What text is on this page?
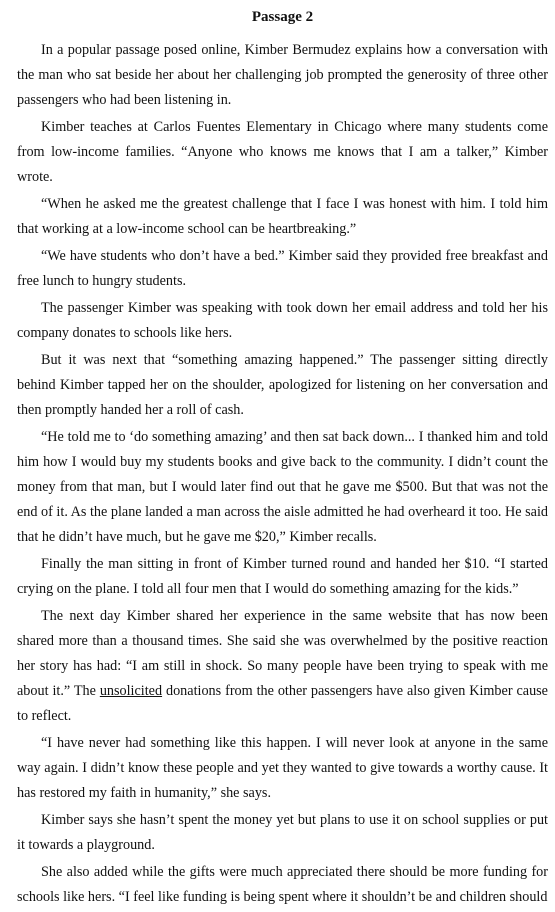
Passage 2

In a popular passage posed online, Kimber Bermudez explains how a conversation with the man who sat beside her about her challenging job prompted the generosity of three other passengers who had been listening in.

Kimber teaches at Carlos Fuentes Elementary in Chicago where many students come from low-income families. “Anyone who knows me knows that I am a talker,” Kimber wrote.

“When he asked me the greatest challenge that I face I was honest with him. I told him that working at a low-income school can be heartbreaking.”

“We have students who don’t have a bed.” Kimber said they provided free breakfast and free lunch to hungry students.

The passenger Kimber was speaking with took down her email address and told her his company donates to schools like hers.

But it was next that “something amazing happened.” The passenger sitting directly behind Kimber tapped her on the shoulder, apologized for listening on her conversation and then promptly handed her a roll of cash.

“He told me to ‘do something amazing’ and then sat back down... I thanked him and told him how I would buy my students books and give back to the community. I didn’t count the money from that man, but I would later find out that he gave me $500. But that was not the end of it. As the plane landed a man across the aisle admitted he had overheard it too. He said that he didn’t have much, but he gave me $20,” Kimber recalls.

Finally the man sitting in front of Kimber turned round and handed her $10. “I started crying on the plane. I told all four men that I would do something amazing for the kids.”

The next day Kimber shared her experience in the same website that has now been shared more than a thousand times. She said she was overwhelmed by the positive reaction her story has had: “I am still in shock. So many people have been trying to speak with me about it.” The unsolicited donations from the other passengers have also given Kimber cause to reflect.

“I have never had something like this happen. I will never look at anyone in the same way again. I didn’t know these people and yet they wanted to give towards a worthy cause. It has restored my faith in humanity,” she says.

Kimber says she hasn’t spent the money yet but plans to use it on school supplies or put it towards a playground.

She also added while the gifts were much appreciated there should be more funding for schools like hers. “I feel like funding is being spent where it shouldn’t be and children should
